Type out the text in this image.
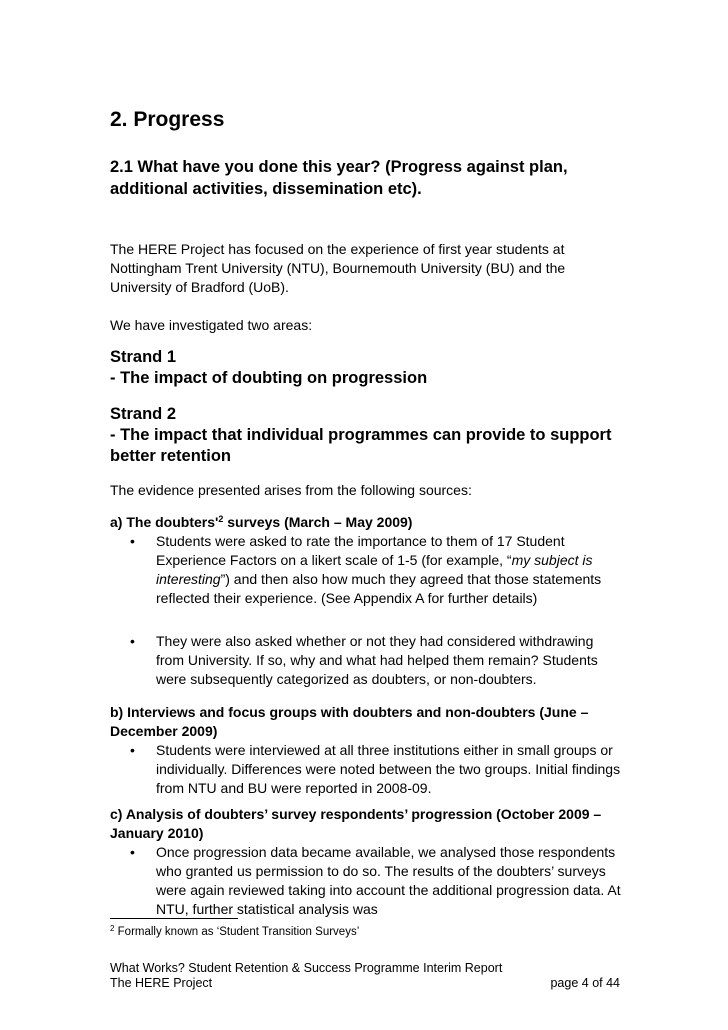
2. Progress
2.1 What have you done this year? (Progress against plan, additional activities, dissemination etc).
The HERE Project has focused on the experience of first year students at Nottingham Trent University (NTU), Bournemouth University (BU) and the University of Bradford (UoB).
We have investigated two areas:
Strand 1
- The impact of doubting on progression
Strand 2
- The impact that individual programmes can provide to support better retention
The evidence presented arises from the following sources:
a) The $doubters'^2$ surveys (March – May 2009)
• Students were asked to rate the importance to them of 17 Student Experience Factors on a likert scale of 1-5 (for example, “my subject is interesting”) and then also how much they agreed that those statements reflected their experience. (See Appendix A for further details)
• They were also asked whether or not they had considered withdrawing from University. If so, why and what had helped them remain? Students were subsequently categorized as doubters, or non-doubters.
b) Interviews and focus groups with doubters and non-doubters (June – December 2009)
• Students were interviewed at all three institutions either in small groups or individually. Differences were noted between the two groups. Initial findings from NTU and BU were reported in 2008-09.
c) Analysis of doubters’ survey respondents’ progression (October 2009 – January 2010)
• Once progression data became available, we analysed those respondents who granted us permission to do so. The results of the doubters’ surveys were again reviewed taking into account the additional progression data. At NTU, further statistical analysis was
$^2$ Formally known as ‘Student Transition Surveys’
What Works? Student Retention & Success Programme Interim Report
The HERE Project	page 4 of 44
